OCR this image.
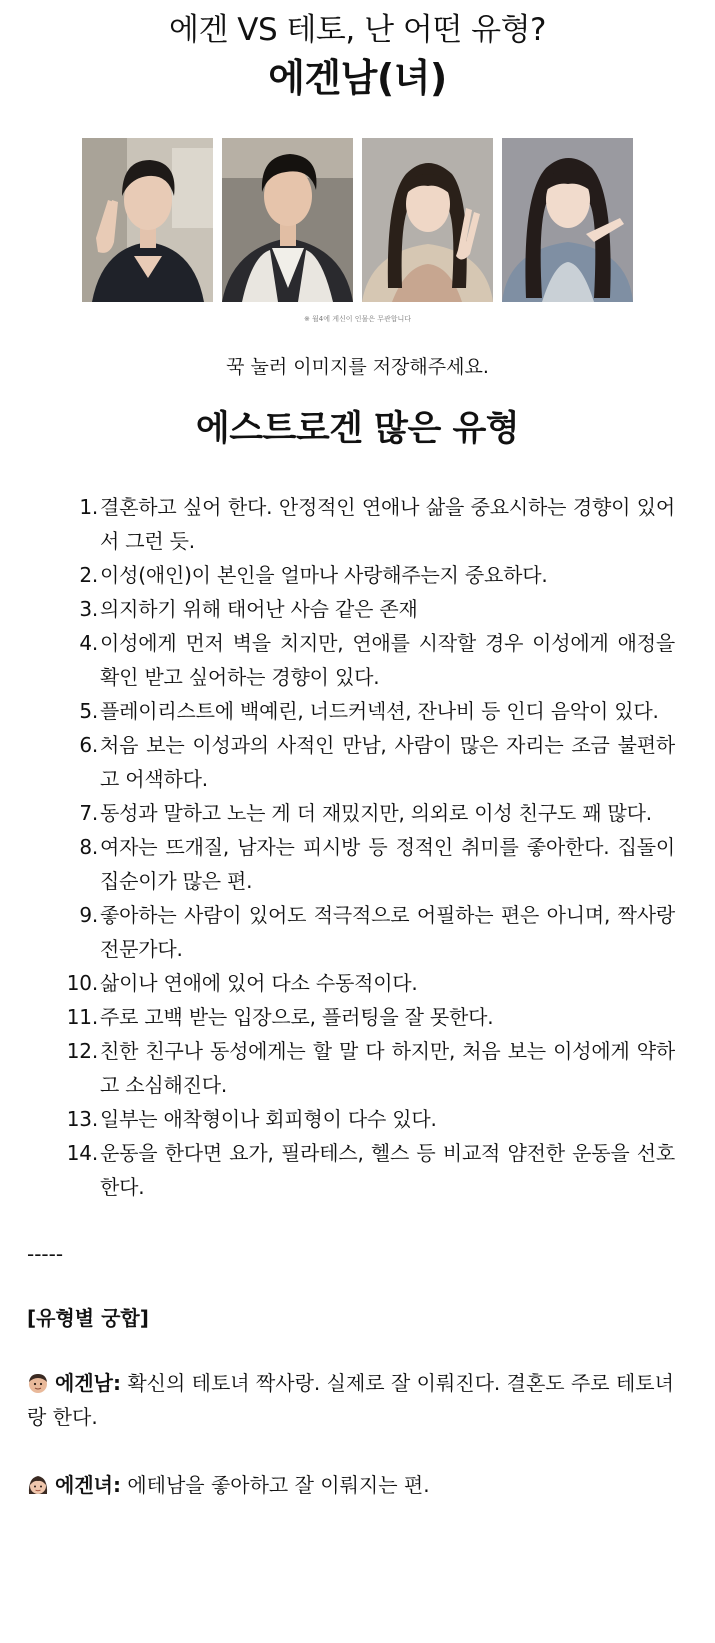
에겐 VS 테토, 난 어떤 유형?
에겐남(녀)
※ 월4에 게신이 인물은 무관합니다
꾹 눌러 이미지를 저장해주세요.
에스트로겐 많은 유형
1. 결혼하고 싶어 한다. 안정적인 연애나 삶을 중요시하는 경향이 있어서 그런 듯.
2. 이성(애인)이 본인을 얼마나 사랑해주는지 중요하다.
3. 의지하기 위해 태어난 사슴 같은 존재
4. 이성에게 먼저 벽을 치지만, 연애를 시작할 경우 이성에게 애정을 확인 받고 싶어하는 경향이 있다.
5. 플레이리스트에 백예린, 너드커넥션, 잔나비 등 인디 음악이 있다.
6. 처음 보는 이성과의 사적인 만남, 사람이 많은 자리는 조금 불편하고 어색하다.
7. 동성과 말하고 노는 게 더 재밌지만, 의외로 이성 친구도 꽤 많다.
8. 여자는 뜨개질, 남자는 피시방 등 정적인 취미를 좋아한다. 집돌이 집순이가 많은 편.
9. 좋아하는 사람이 있어도 적극적으로 어필하는 편은 아니며, 짝사랑 전문가다.
10. 삶이나 연애에 있어 다소 수동적이다.
11. 주로 고백 받는 입장으로, 플러팅을 잘 못한다.
12. 친한 친구나 동성에게는 할 말 다 하지만, 처음 보는 이성에게 약하고 소심해진다.
13. 일부는 애착형이나 회피형이 다수 있다.
14. 운동을 한다면 요가, 필라테스, 헬스 등 비교적 얌전한 운동을 선호한다.
-----
[유형별 궁합]
에겐남: 확신의 테토녀 짝사랑. 실제로 잘 이뤄진다. 결혼도 주로 테토녀랑 한다.
에겐녀: 에테남을 좋아하고 잘 이뤄지는 편.
